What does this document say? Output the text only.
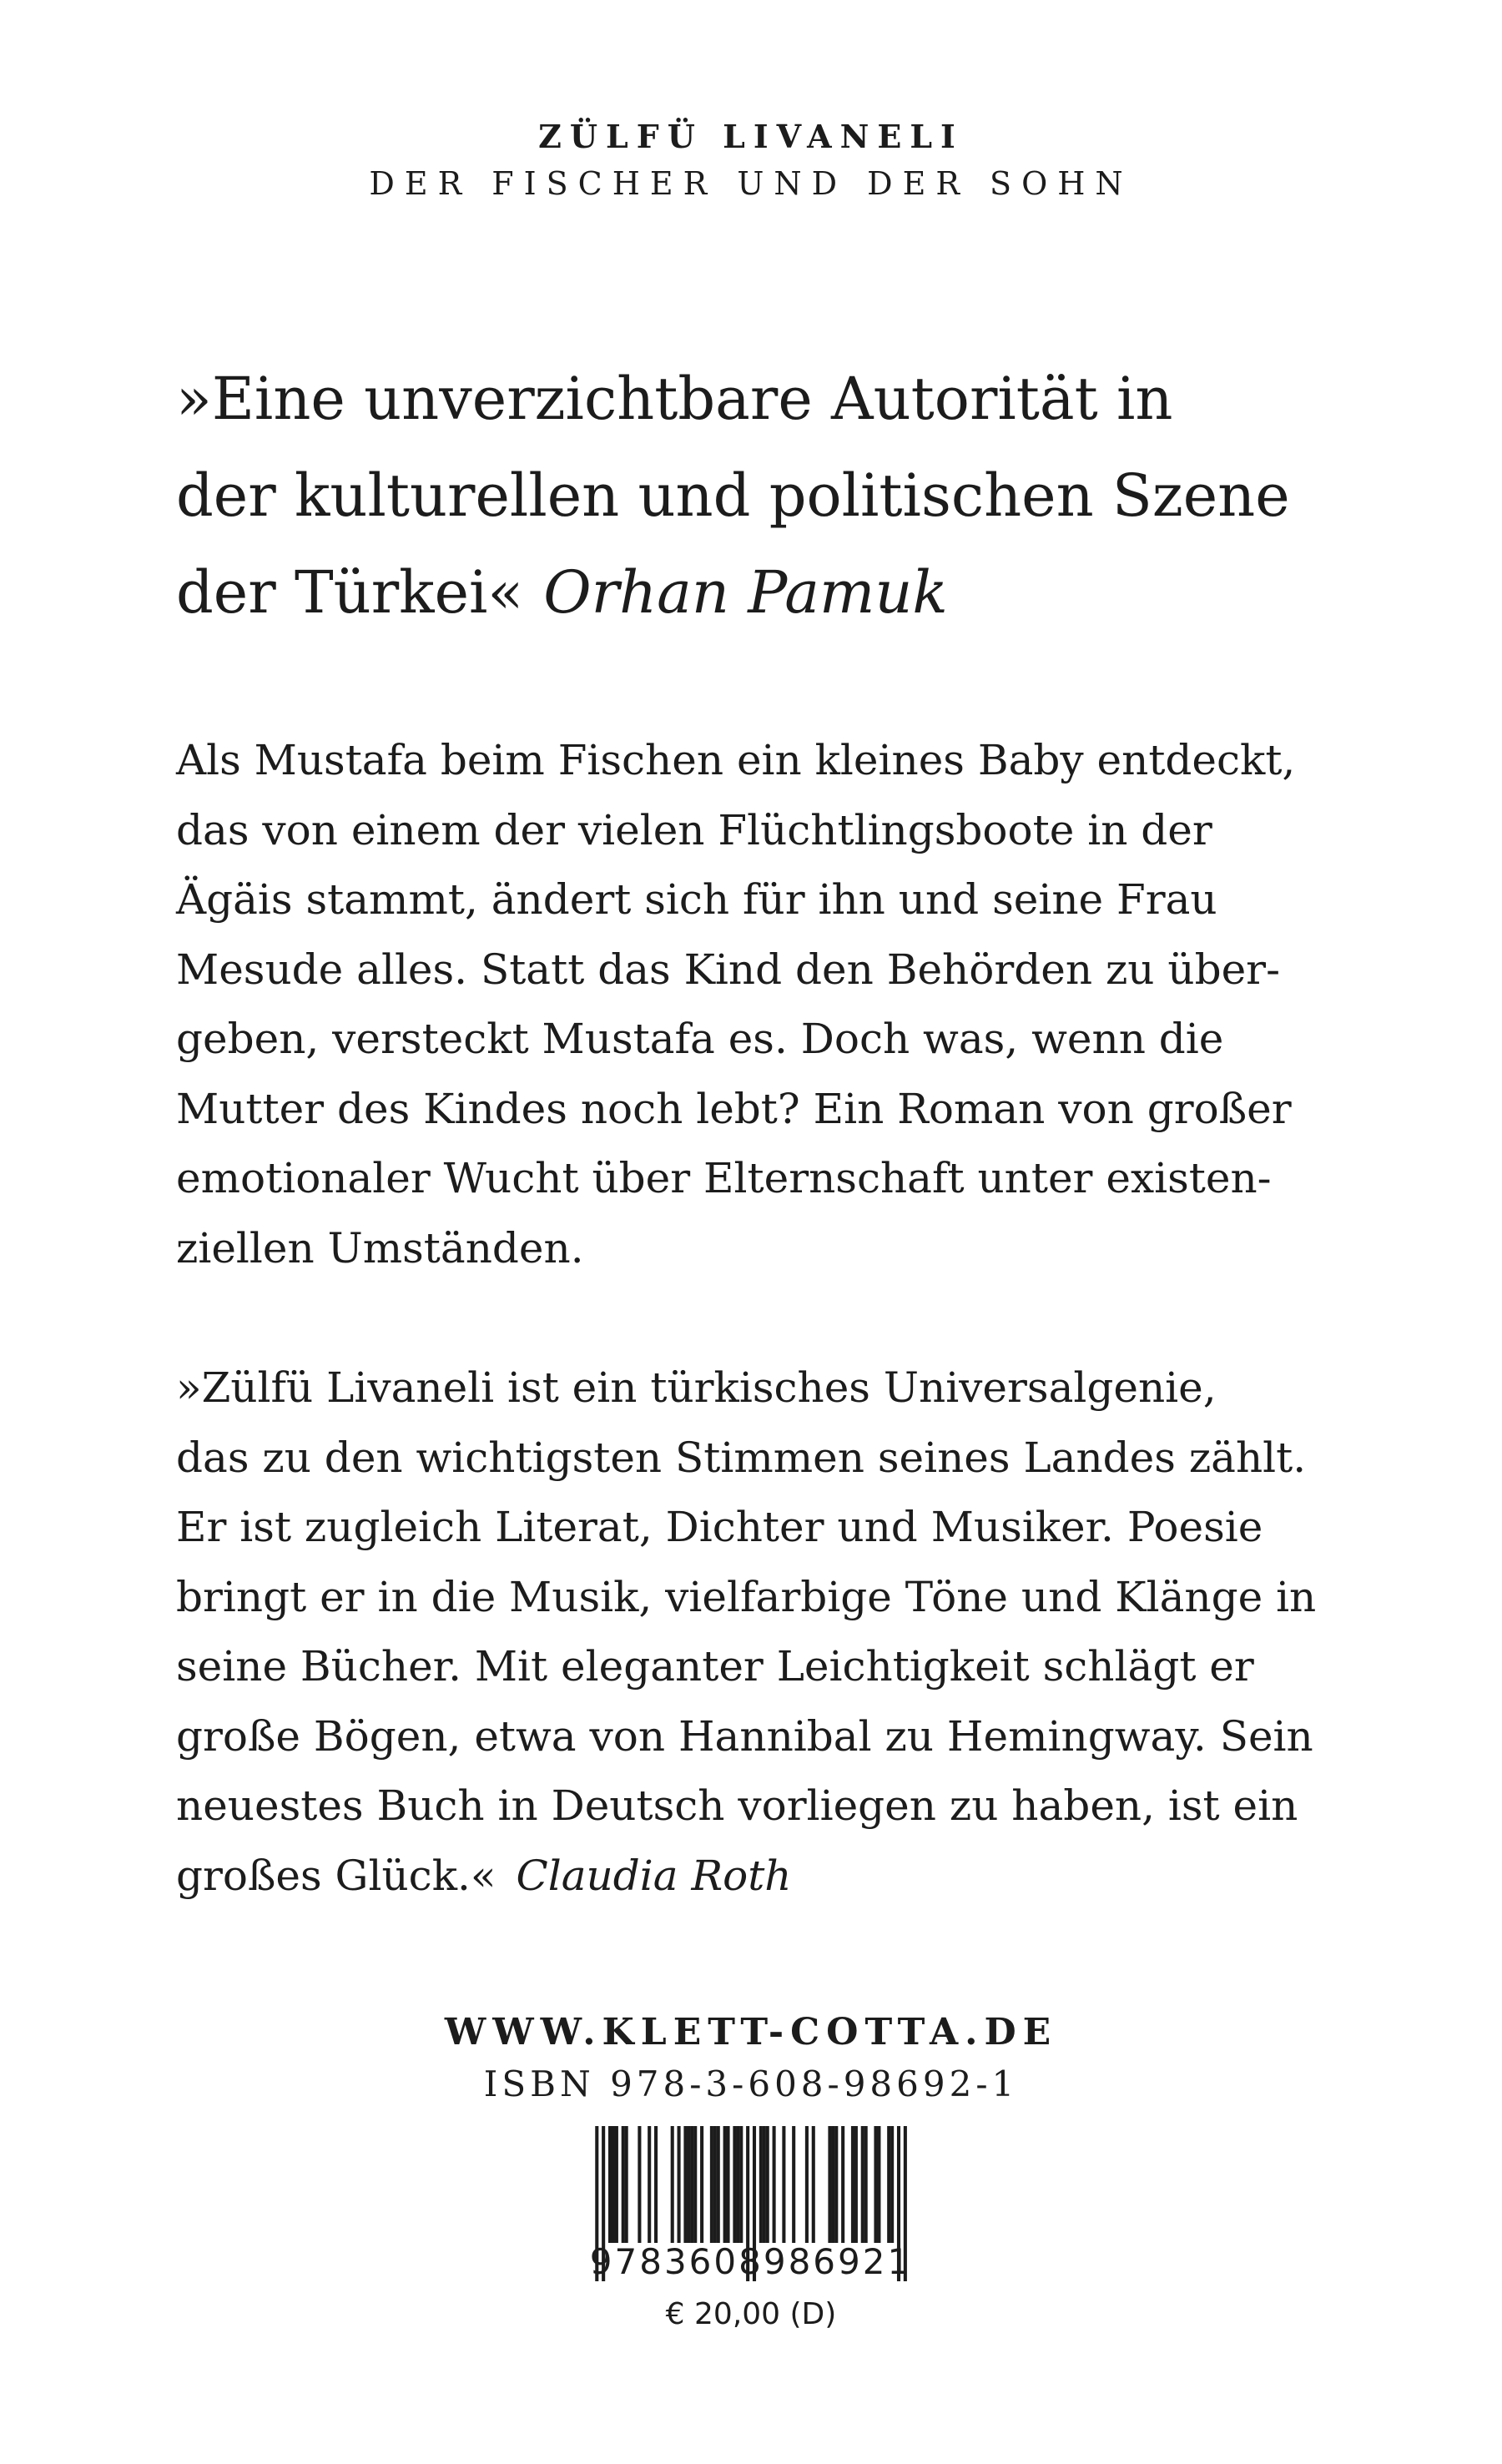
ZÜLFÜ LIVANELI
DER FISCHER UND DER SOHN
»Eine unverzichtbare Autorität in
der kulturellen und politischen Szene
der Türkei« Orhan Pamuk
Als Mustafa beim Fischen ein kleines Baby entdeckt,
das von einem der vielen Flüchtlingsboote in der
Ägäis stammt, ändert sich für ihn und seine Frau
Mesude alles. Statt das Kind den Behörden zu über-
geben, versteckt Mustafa es. Doch was, wenn die
Mutter des Kindes noch lebt? Ein Roman von großer
emotionaler Wucht über Elternschaft unter existen-
ziellen Umständen.
»Zülfü Livaneli ist ein türkisches Universalgenie,
das zu den wichtigsten Stimmen seines Landes zählt.
Er ist zugleich Literat, Dichter und Musiker. Poesie
bringt er in die Musik, vielfarbige Töne und Klänge in
seine Bücher. Mit eleganter Leichtigkeit schlägt er
große Bögen, etwa von Hannibal zu Hemingway. Sein
neuestes Buch in Deutsch vorliegen zu haben, ist ein
großes Glück.« Claudia Roth
WWW.KLETT-COTTA.DE
ISBN 978-3-608-98692-1
9783608986921
€ 20,00 (D)
